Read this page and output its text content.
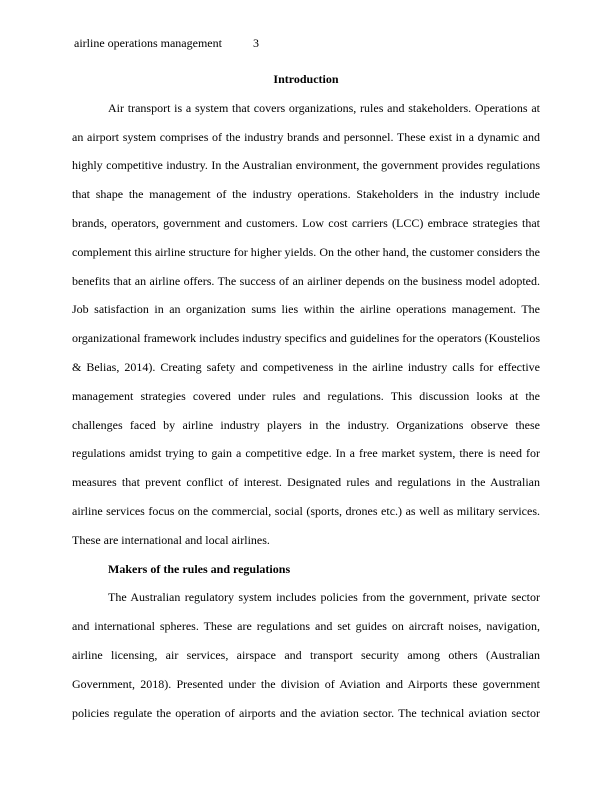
airline operations management	3

Introduction

Air transport is a system that covers organizations, rules and stakeholders. Operations at
an airport system comprises of the industry brands and personnel. These exist in a dynamic and
highly competitive industry. In the Australian environment, the government provides regulations
that shape the management of the industry operations. Stakeholders in the industry include
brands, operators, government and customers. Low cost carriers (LCC) embrace strategies that
complement this airline structure for higher yields. On the other hand, the customer considers the
benefits that an airline offers. The success of an airliner depends on the business model adopted.
Job satisfaction in an organization sums lies within the airline operations management. The
organizational framework includes industry specifics and guidelines for the operators (Koustelios
& Belias, 2014). Creating safety and competiveness in the airline industry calls for effective
management strategies covered under rules and regulations. This discussion looks at the
challenges faced by airline industry players in the industry. Organizations observe these
regulations amidst trying to gain a competitive edge. In a free market system, there is need for
measures that prevent conflict of interest. Designated rules and regulations in the Australian
airline services focus on the commercial, social (sports, drones etc.) as well as military services.
These are international and local airlines.

Makers of the rules and regulations

The Australian regulatory system includes policies from the government, private sector
and international spheres. These are regulations and set guides on aircraft noises, navigation,
airline licensing, air services, airspace and transport security among others (Australian
Government, 2018). Presented under the division of Aviation and Airports these government
policies regulate the operation of airports and the aviation sector. The technical aviation sector
